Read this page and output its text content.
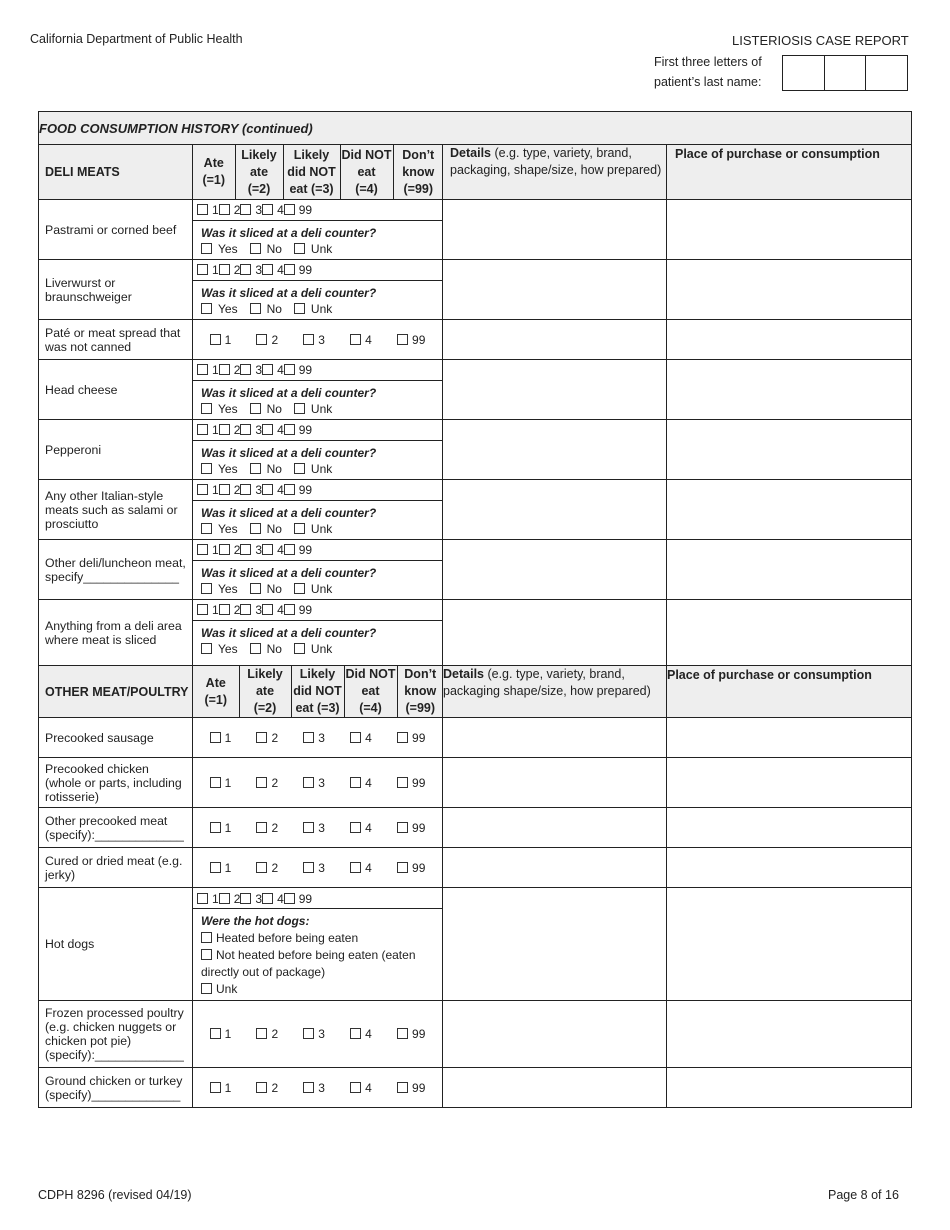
California Department of Public Health	LISTERIOSIS CASE REPORT
First three letters of
patient’s last name:
FOOD CONSUMPTION HISTORY (continued)
DELI MEATS	
Ate
(=1)

Likely
ate
(=2)

Likely
did NOT
eat (=3)

Did NOT
eat
(=4)

Don’t
know
(=99)
	Details (e.g. type, variety, brand, packaging, shape/size, how prepared)	Place of purchase or consumption
Pastrami or corned beef	
1	2	3	4	99
Was it sliced at a deli counter?
Yes No Unk

Liverwurst or braunschweiger	
1	2	3	4	99
Was it sliced at a deli counter?
Yes No Unk

Paté or meat spread that was not canned	1	2	3	4	99

Head cheese	
1	2	3	4	99
Was it sliced at a deli counter?
Yes No Unk

Pepperoni	
1	2	3	4	99
Was it sliced at a deli counter?
Yes No Unk

Any other Italian-style meats such as salami or prosciutto	
1	2	3	4	99
Was it sliced at a deli counter?
Yes No Unk

Other deli/luncheon meat, specify______________	
1	2	3	4	99
Was it sliced at a deli counter?
Yes No Unk

Anything from a deli area where meat is sliced	
1	2	3	4	99
Was it sliced at a deli counter?
Yes No Unk

OTHER MEAT/POULTRY	
Ate
(=1)

Likely
ate
(=2)

Likely
did NOT
eat (=3)

Did NOT
eat
(=4)

Don’t
know
(=99)
	Details (e.g. type, variety, brand, packaging shape/size, how prepared)	Place of purchase or consumption
Precooked sausage	1	2	3	4	99

Precooked chicken (whole or parts, including rotisserie)	
1	2	3	4	99

Other precooked meat (specify):_____________	1	2	3	4	99

Cured or dried meat (e.g. jerky)	1	2	3	4	99

Hot dogs	
1	2	3	4	99
Were the hot dogs:
Heated before being eaten
Not heated before being eaten (eaten directly out of package)
Unk

Frozen processed poultry (e.g. chicken nuggets or chicken pot pie) (specify):_____________	
1	2	3	4	99

Ground chicken or turkey (specify)_____________	1	2	3	4	99

CDPH 8296 (revised 04/19)	Page 8 of 16
